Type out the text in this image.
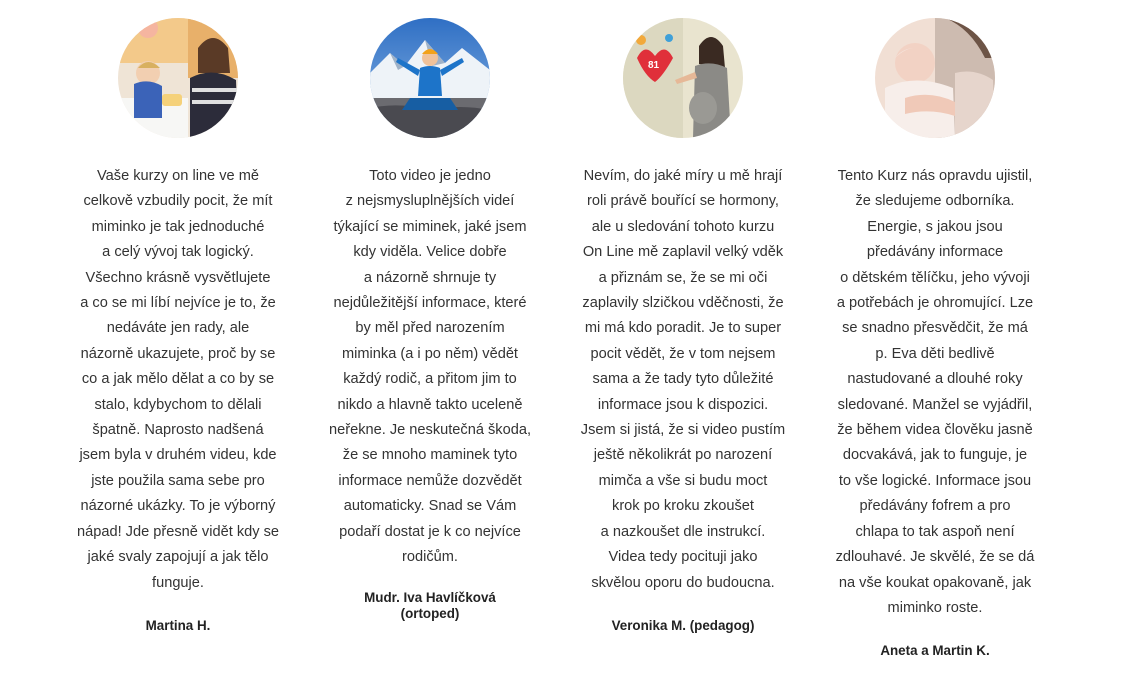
Vaše kurzy on line ve mě
celkově vzbudily pocit, že mít
miminko je tak jednoduché
a celý vývoj tak logický.
Všechno krásně vysvětlujete
a co se mi líbí nejvíce je to, že
nedáváte jen rady, ale
názorně ukazujete, proč by se
co a jak mělo dělat a co by se
stalo, kdybychom to dělali
špatně. Naprosto nadšená
jsem byla v druhém videu, kde
jste použila sama sebe pro
názorné ukázky. To je výborný
nápad! Jde přesně vidět kdy se
jaké svaly zapojují a jak tělo
funguje.
Martina H.
Toto video je jedno
z nejsmysluplnějších videí
týkající se miminek, jaké jsem
kdy viděla. Velice dobře
a názorně shrnuje ty
nejdůležitější informace, které
by měl před narozením
miminka (a i po něm) vědět
každý rodič, a přitom jim to
nikdo a hlavně takto uceleně
neřekne. Je neskutečná škoda,
že se mnoho maminek tyto
informace nemůže dozvědět
automaticky. Snad se Vám
podaří dostat je k co nejvíce
rodičům.
Mudr. Iva Havlíčková
(ortoped)
81
Nevím, do jaké míry u mě hrají
roli právě bouřící se hormony,
ale u sledování tohoto kurzu
On Line mě zaplavil velký vděk
a přiznám se, že se mi oči
zaplavily slzičkou vděčnosti, že
mi má kdo poradit. Je to super
pocit vědět, že v tom nejsem
sama a že tady tyto důležité
informace jsou k dispozici.
Jsem si jistá, že si video pustím
ještě několikrát po narození
mimča a vše si budu moct
krok po kroku zkoušet
a nazkoušet dle instrukcí.
Videa tedy pocituji jako
skvělou oporu do budoucna.
Veronika M. (pedagog)
Tento Kurz nás opravdu ujistil,
že sledujeme odborníka.
Energie, s jakou jsou
předávány informace
o dětském tělíčku, jeho vývoji
a potřebách je ohromující. Lze
se snadno přesvědčit, že má
p. Eva děti bedlivě
nastudované a dlouhé roky
sledované. Manžel se vyjádřil,
že během videa člověku jasně
docvakává, jak to funguje, je
to vše logické. Informace jsou
předávány fofrem a pro
chlapa to tak aspoň není
zdlouhavé. Je skvělé, že se dá
na vše koukat opakovaně, jak
miminko roste.
Aneta a Martin K.
